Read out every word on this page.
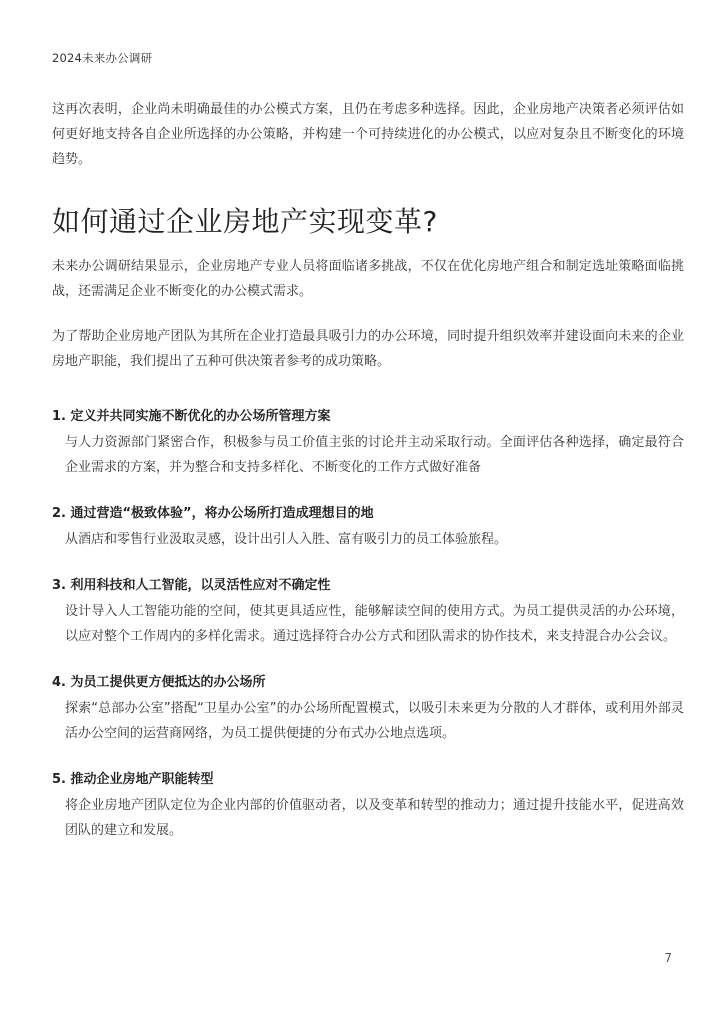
2024未来办公调研

这再次表明，企业尚未明确最佳的办公模式方案，且仍在考虑多种选择。因此，企业房地产决策者必须评估如何更好地支持各自企业所选择的办公策略，并构建一个可持续进化的办公模式，以应对复杂且不断变化的环境趋势。

如何通过企业房地产实现变革?

未来办公调研结果显示，企业房地产专业人员将面临诸多挑战，不仅在优化房地产组合和制定选址策略面临挑战，还需满足企业不断变化的办公模式需求。

为了帮助企业房地产团队为其所在企业打造最具吸引力的办公环境，同时提升组织效率并建设面向未来的企业房地产职能，我们提出了五种可供决策者参考的成功策略。

1. 定义并共同实施不断优化的办公场所管理方案

与人力资源部门紧密合作，积极参与员工价值主张的讨论并主动采取行动。全面评估各种选择，确定最符合企业需求的方案，并为整合和支持多样化、不断变化的工作方式做好准备

2. 通过营造“极致体验”，将办公场所打造成理想目的地

从酒店和零售行业汲取灵感，设计出引人入胜、富有吸引力的员工体验旅程。

3. 利用科技和人工智能，以灵活性应对不确定性

设计导入人工智能功能的空间，使其更具适应性，能够解读空间的使用方式。为员工提供灵活的办公环境，以应对整个工作周内的多样化需求。通过选择符合办公方式和团队需求的协作技术，来支持混合办公会议。

4. 为员工提供更方便抵达的办公场所

探索“总部办公室”搭配“卫星办公室”的办公场所配置模式，以吸引未来更为分散的人才群体，或利用外部灵活办公空间的运营商网络，为员工提供便捷的分布式办公地点选项。

5. 推动企业房地产职能转型

将企业房地产团队定位为企业内部的价值驱动者，以及变革和转型的推动力；通过提升技能水平，促进高效团队的建立和发展。

7
